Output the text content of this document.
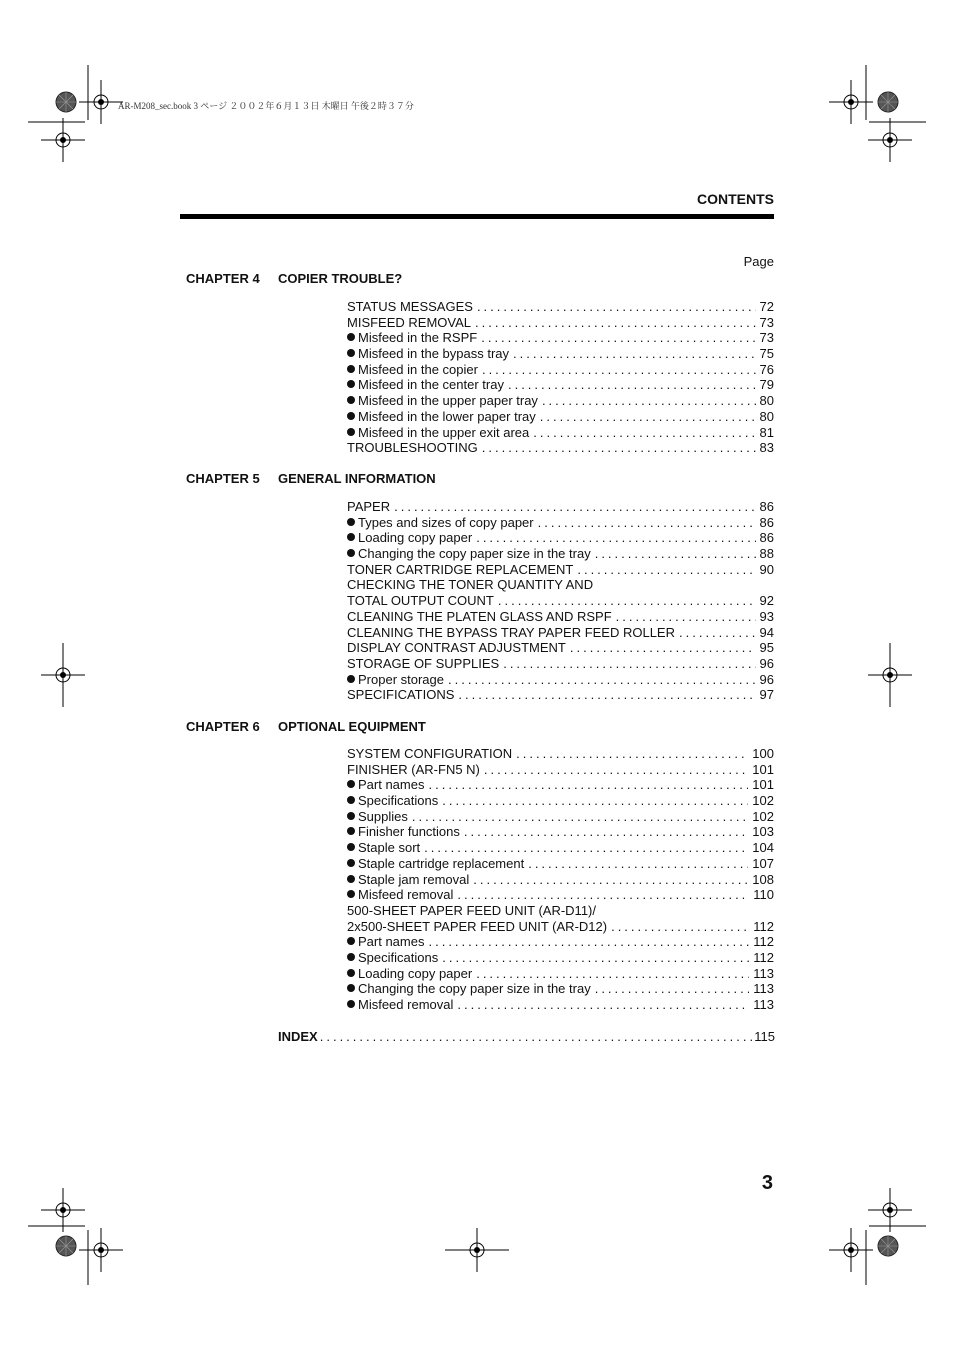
AR-M208_sec.book 3 ページ ２００２年６月１３日 木曜日 午後２時３７分
CONTENTS
Page
CHAPTER 4 COPIER TROUBLE?
STATUS MESSAGES .....	72
MISFEED REMOVAL .....	73
Misfeed in the RSPF .....	73
Misfeed in the bypass tray .....	75
Misfeed in the copier .....	76
Misfeed in the center tray .....	79
Misfeed in the upper paper tray .....	80
Misfeed in the lower paper tray .....	80
Misfeed in the upper exit area .....	81
TROUBLESHOOTING .....	83
CHAPTER 5 GENERAL INFORMATION
PAPER .....	86
Types and sizes of copy paper .....	86
Loading copy paper .....	86
Changing the copy paper size in the tray .....	88
TONER CARTRIDGE REPLACEMENT .....	90
CHECKING THE TONER QUANTITY AND
TOTAL OUTPUT COUNT .....	92
CLEANING THE PLATEN GLASS AND RSPF .....	93
CLEANING THE BYPASS TRAY PAPER FEED ROLLER .....	94
DISPLAY CONTRAST ADJUSTMENT .....	95
STORAGE OF SUPPLIES .....	96
Proper storage .....	96
SPECIFICATIONS .....	97
CHAPTER 6 OPTIONAL EQUIPMENT
SYSTEM CONFIGURATION .....	100
FINISHER (AR-FN5 N) .....	101
Part names .....	101
Specifications .....	102
Supplies .....	102
Finisher functions .....	103
Staple sort .....	104
Staple cartridge replacement .....	107
Staple jam removal .....	108
Misfeed removal .....	110
500-SHEET PAPER FEED UNIT (AR-D11)/
2x500-SHEET PAPER FEED UNIT (AR-D12) .....	112
Part names .....	112
Specifications .....	112
Loading copy paper .....	113
Changing the copy paper size in the tray .....	113
Misfeed removal .....	113
INDEX .....	115
3
